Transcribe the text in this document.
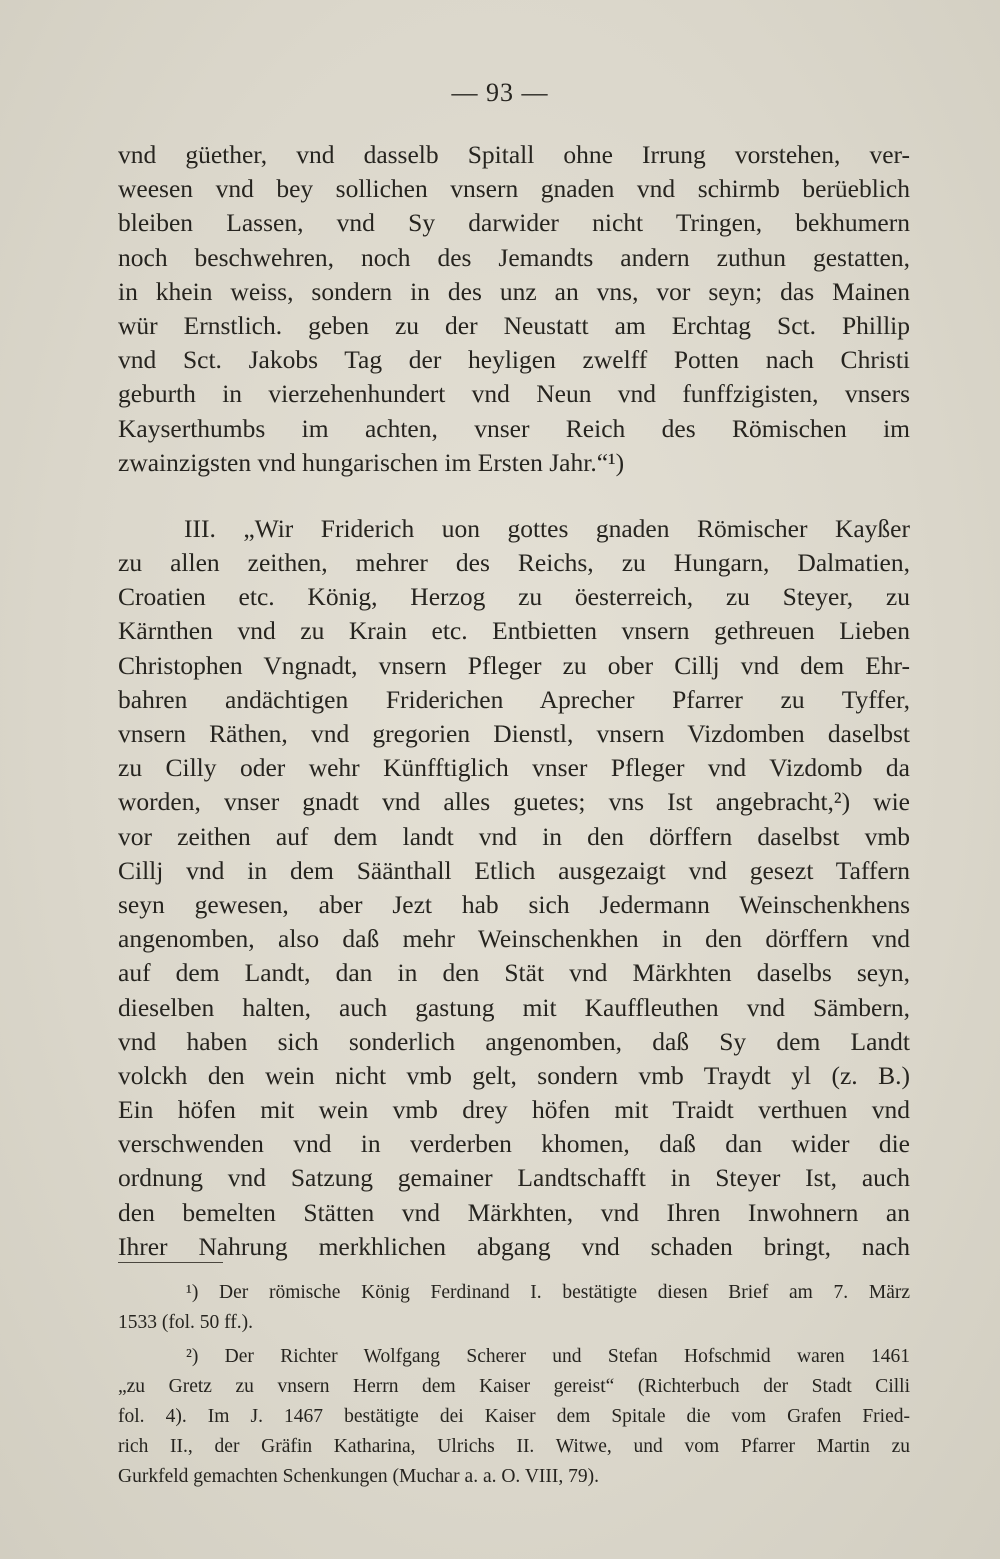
— 93 —
vnd güether, vnd dasselb Spitall ohne Irrung vorstehen, ver-
weesen vnd bey sollichen vnsern gnaden vnd schirmb berüeblich
bleiben Lassen, vnd Sy darwider nicht Tringen, bekhumern
noch beschwehren, noch des Jemandts andern zuthun gestatten,
in khein weiss, sondern in des unz an vns, vor seyn; das Mainen
wür Ernstlich. geben zu der Neustatt am Erchtag Sct. Phillip
vnd Sct. Jakobs Tag der heyligen zwelff Potten nach Christi
geburth in vierzehenhundert vnd Neun vnd funffzigisten, vnsers
Kayserthumbs im achten, vnser Reich des Römischen im
zwainzigsten vnd hungarischen im Ersten Jahr.“¹)
III. „Wir Friderich uon gottes gnaden Römischer Kayßer
zu allen zeithen, mehrer des Reichs, zu Hungarn, Dalmatien,
Croatien etc. König, Herzog zu öesterreich, zu Steyer, zu
Kärnthen vnd zu Krain etc. Entbietten vnsern gethreuen Lieben
Christophen Vngnadt, vnsern Pfleger zu ober Cillj vnd dem Ehr-
bahren andächtigen Friderichen Aprecher Pfarrer zu Tyffer,
vnsern Räthen, vnd gregorien Dienstl, vnsern Vizdomben daselbst
zu Cilly oder wehr Künfftiglich vnser Pfleger vnd Vizdomb da
worden, vnser gnadt vnd alles guetes; vns Ist angebracht,²) wie
vor zeithen auf dem landt vnd in den dörffern daselbst vmb
Cillj vnd in dem Säänthall Etlich ausgezaigt vnd gesezt Taffern
seyn gewesen, aber Jezt hab sich Jedermann Weinschenkhens
angenomben, also daß mehr Weinschenkhen in den dörffern vnd
auf dem Landt, dan in den Stät vnd Märkhten daselbs seyn,
dieselben halten, auch gastung mit Kauffleuthen vnd Sämbern,
vnd haben sich sonderlich angenomben, daß Sy dem Landt
volckh den wein nicht vmb gelt, sondern vmb Traydt yl (z. B.)
Ein höfen mit wein vmb drey höfen mit Traidt verthuen vnd
verschwenden vnd in verderben khomen, daß dan wider die
ordnung vnd Satzung gemainer Landtschafft in Steyer Ist, auch
den bemelten Stätten vnd Märkhten, vnd Ihren Inwohnern an
Ihrer Nahrung merkhlichen abgang vnd schaden bringt, nach
¹) Der römische König Ferdinand I. bestätigte diesen Brief am 7. März
1533 (fol. 50 ff.).
²) Der Richter Wolfgang Scherer und Stefan Hofschmid waren 1461
„zu Gretz zu vnsern Herrn dem Kaiser gereist“ (Richterbuch der Stadt Cilli
fol. 4). Im J. 1467 bestätigte dei Kaiser dem Spitale die vom Grafen Fried-
rich II., der Gräfin Katharina, Ulrichs II. Witwe, und vom Pfarrer Martin zu
Gurkfeld gemachten Schenkungen (Muchar a. a. O. VIII, 79).
